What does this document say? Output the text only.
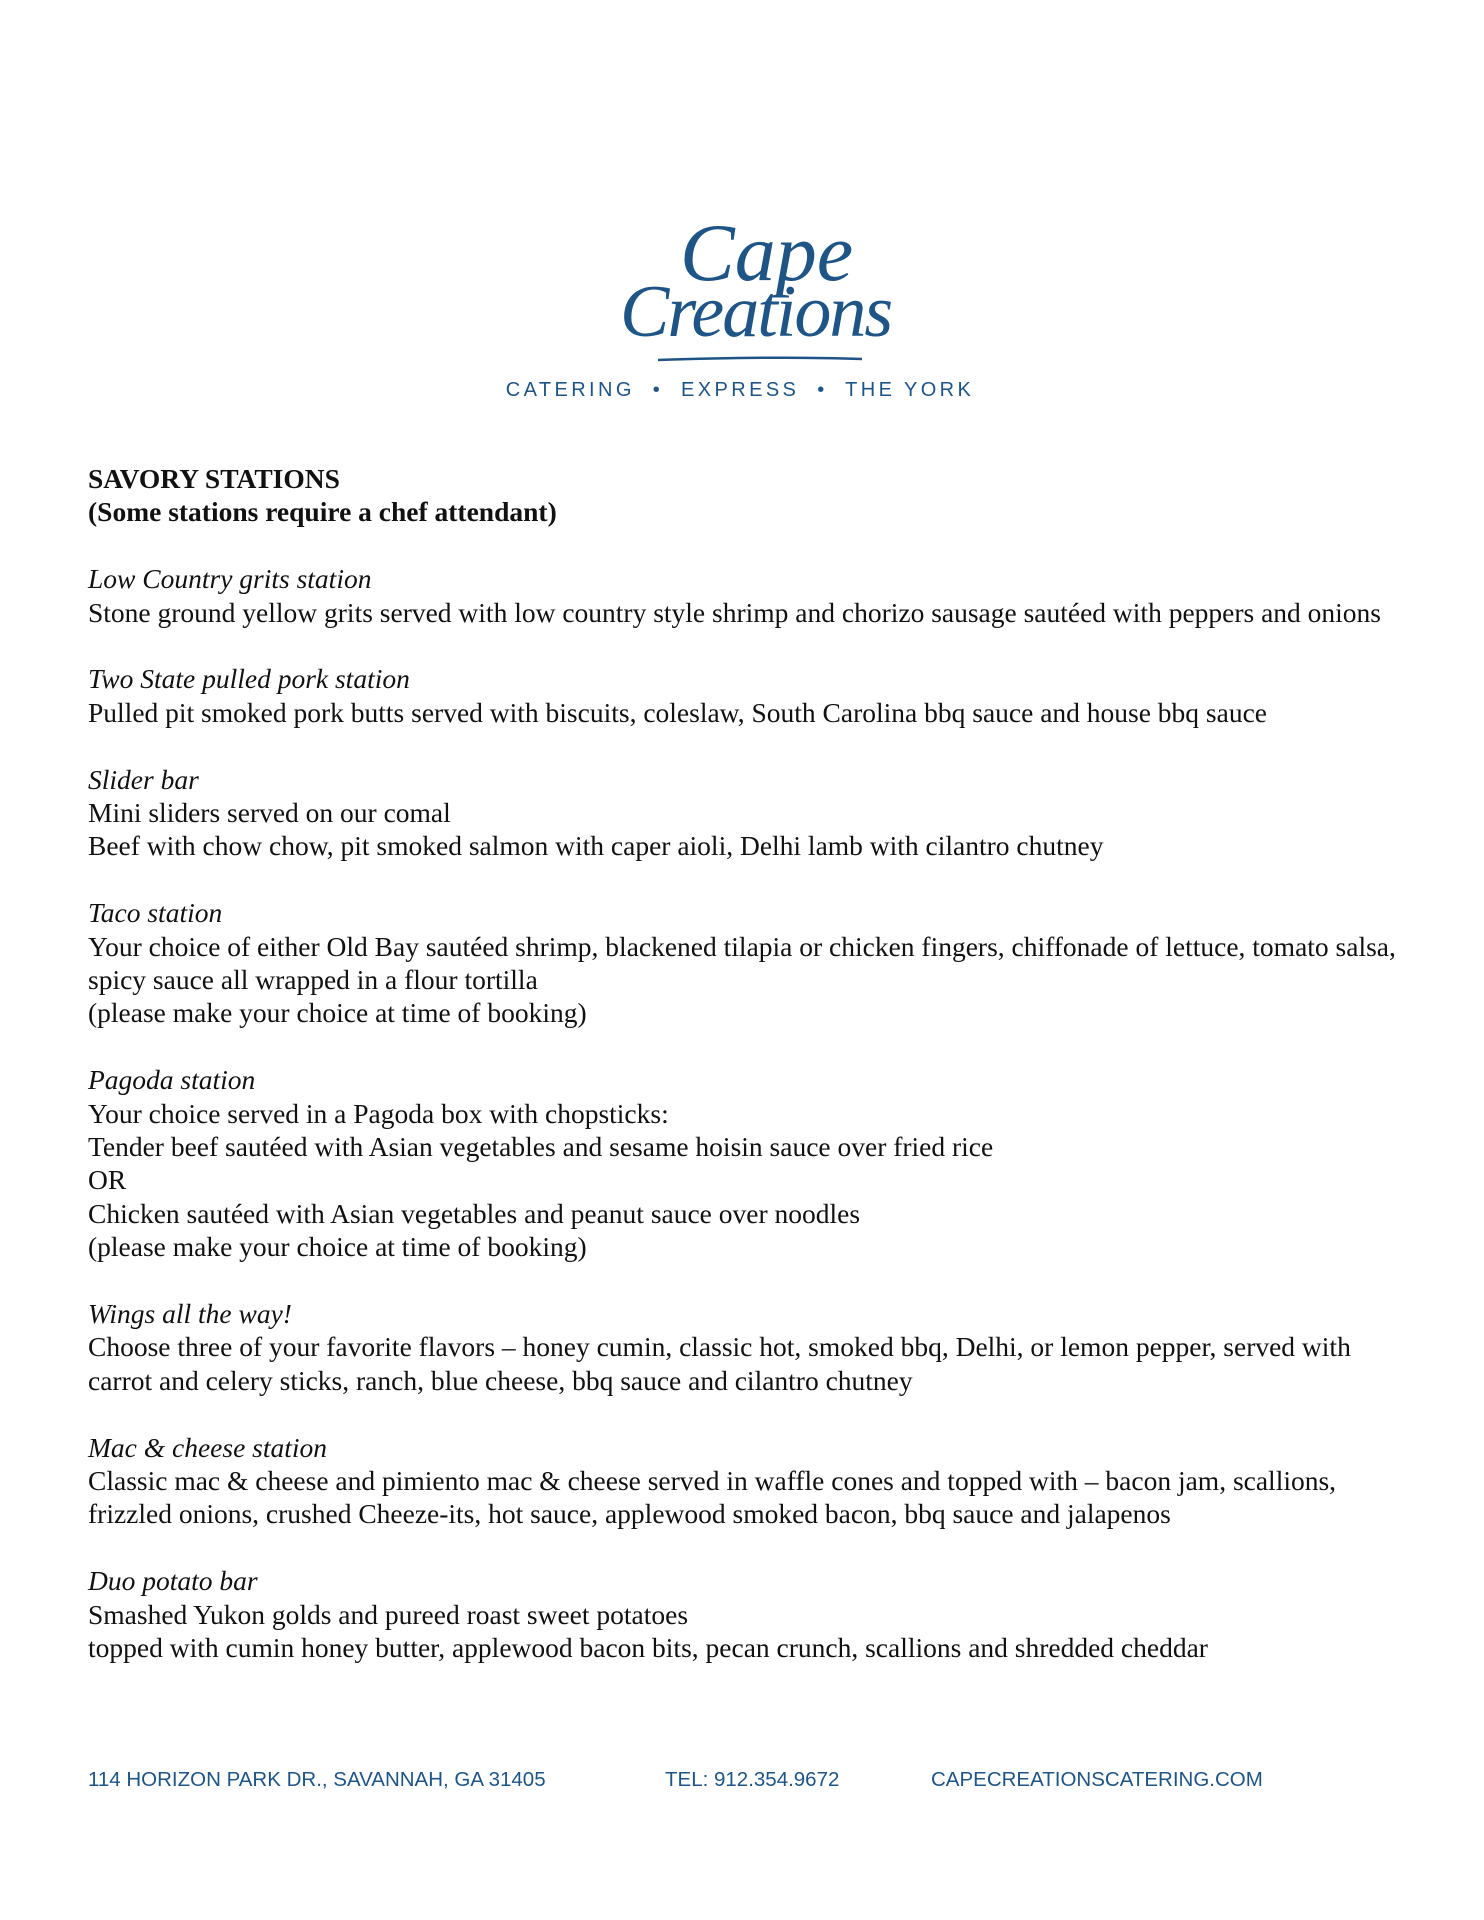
Cape
Creations
CATERING  •  EXPRESS  •  THE YORK
SAVORY STATIONS
(Some stations require a chef attendant)
Low Country grits station
Stone ground yellow grits served with low country style shrimp and chorizo sausage sautéed with peppers and onions
Two State pulled pork station
Pulled pit smoked pork butts served with biscuits, coleslaw, South Carolina bbq sauce and house bbq sauce
Slider bar
Mini sliders served on our comal
Beef with chow chow, pit smoked salmon with caper aioli, Delhi lamb with cilantro chutney
Taco station
Your choice of either Old Bay sautéed shrimp, blackened tilapia or chicken fingers, chiffonade of lettuce, tomato salsa, spicy sauce all wrapped in a flour tortilla
(please make your choice at time of booking)
Pagoda station
Your choice served in a Pagoda box with chopsticks:
Tender beef sautéed with Asian vegetables and sesame hoisin sauce over fried rice
OR
Chicken sautéed with Asian vegetables and peanut sauce over noodles
(please make your choice at time of booking)
Wings all the way!
Choose three of your favorite flavors – honey cumin, classic hot, smoked bbq, Delhi, or lemon pepper, served with carrot and celery sticks, ranch, blue cheese, bbq sauce and cilantro chutney
Mac & cheese station
Classic mac & cheese and pimiento mac & cheese served in waffle cones and topped with – bacon jam, scallions, frizzled onions, crushed Cheeze-its, hot sauce, applewood smoked bacon, bbq sauce and jalapenos
Duo potato bar
Smashed Yukon golds and pureed roast sweet potatoes
topped with cumin honey butter, applewood bacon bits, pecan crunch, scallions and shredded cheddar
114 HORIZON PARK DR., SAVANNAH, GA 31405	TEL: 912.354.9672	CAPECREATIONSCATERING.COM
